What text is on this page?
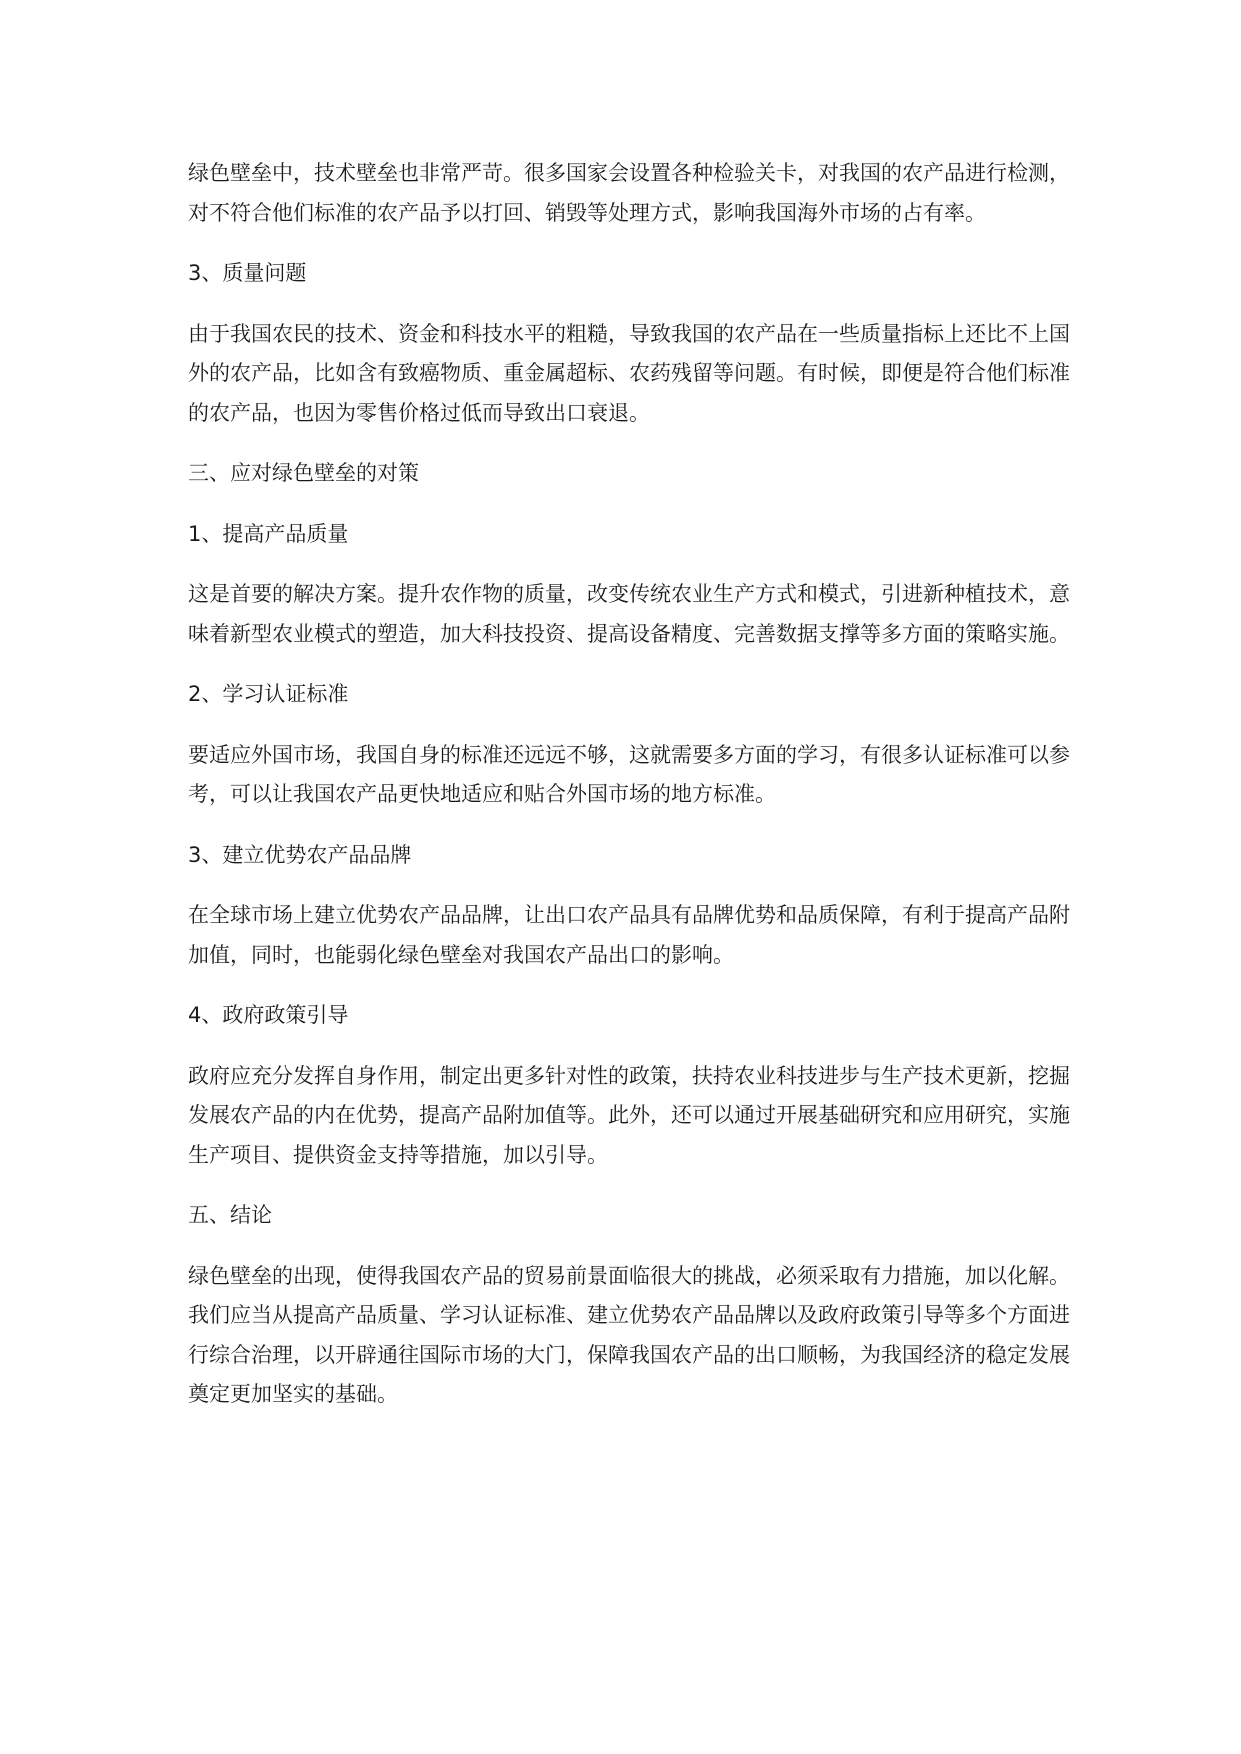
绿色壁垒中，技术壁垒也非常严苛。很多国家会设置各种检验关卡，对我国的农产品进行检测，对不符合他们标准的农产品予以打回、销毁等处理方式，影响我国海外市场的占有率。

3、质量问题

由于我国农民的技术、资金和科技水平的粗糙，导致我国的农产品在一些质量指标上还比不上国外的农产品，比如含有致癌物质、重金属超标、农药残留等问题。有时候，即便是符合他们标准的农产品，也因为零售价格过低而导致出口衰退。

三、应对绿色壁垒的对策

1、提高产品质量

这是首要的解决方案。提升农作物的质量，改变传统农业生产方式和模式，引进新种植技术，意味着新型农业模式的塑造，加大科技投资、提高设备精度、完善数据支撑等多方面的策略实施。

2、学习认证标准

要适应外国市场，我国自身的标准还远远不够，这就需要多方面的学习，有很多认证标准可以参考，可以让我国农产品更快地适应和贴合外国市场的地方标准。

3、建立优势农产品品牌

在全球市场上建立优势农产品品牌，让出口农产品具有品牌优势和品质保障，有利于提高产品附加值，同时，也能弱化绿色壁垒对我国农产品出口的影响。

4、政府政策引导

政府应充分发挥自身作用，制定出更多针对性的政策，扶持农业科技进步与生产技术更新，挖掘发展农产品的内在优势，提高产品附加值等。此外，还可以通过开展基础研究和应用研究，实施生产项目、提供资金支持等措施，加以引导。

五、结论

绿色壁垒的出现，使得我国农产品的贸易前景面临很大的挑战，必须采取有力措施，加以化解。我们应当从提高产品质量、学习认证标准、建立优势农产品品牌以及政府政策引导等多个方面进行综合治理，以开辟通往国际市场的大门，保障我国农产品的出口顺畅，为我国经济的稳定发展奠定更加坚实的基础。
